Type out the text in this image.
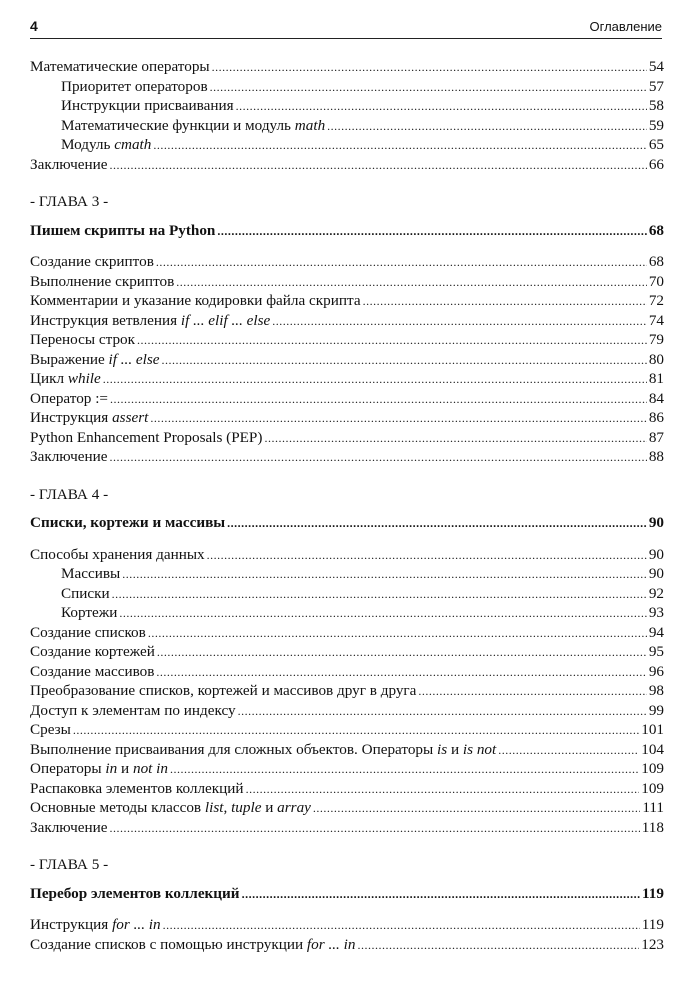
4	Оглавление
Математические операторы .....	54
Приоритет операторов .....	57
Инструкции присваивания .....	58
Математические функции и модуль math .....	59
Модуль cmath .....	65
Заключение .....	66
- ГЛАВА 3 -
Пишем скрипты на Python .....	68
Создание скриптов .....	68
Выполнение скриптов .....	70
Комментарии и указание кодировки файла скрипта .....	72
Инструкция ветвления if ... elif ... else .....	74
Переносы строк .....	79
Выражение if ... else .....	80
Цикл while .....	81
Оператор := .....	84
Инструкция assert .....	86
Python Enhancement Proposals (PEP) .....	87
Заключение .....	88
- ГЛАВА 4 -
Списки, кортежи и массивы .....	90
Способы хранения данных .....	90
Массивы .....	90
Списки .....	92
Кортежи .....	93
Создание списков .....	94
Создание кортежей .....	95
Создание массивов .....	96
Преобразование списков, кортежей и массивов друг в друга .....	98
Доступ к элементам по индексу .....	99
Срезы .....	101
Выполнение присваивания для сложных объектов. Операторы is и is not .....	104
Операторы in и not in .....	109
Распаковка элементов коллекций .....	109
Основные методы классов list, tuple и array .....	111
Заключение .....	118
- ГЛАВА 5 -
Перебор элементов коллекций .....	119
Инструкция for ... in .....	119
Создание списков с помощью инструкции for ... in .....	123
